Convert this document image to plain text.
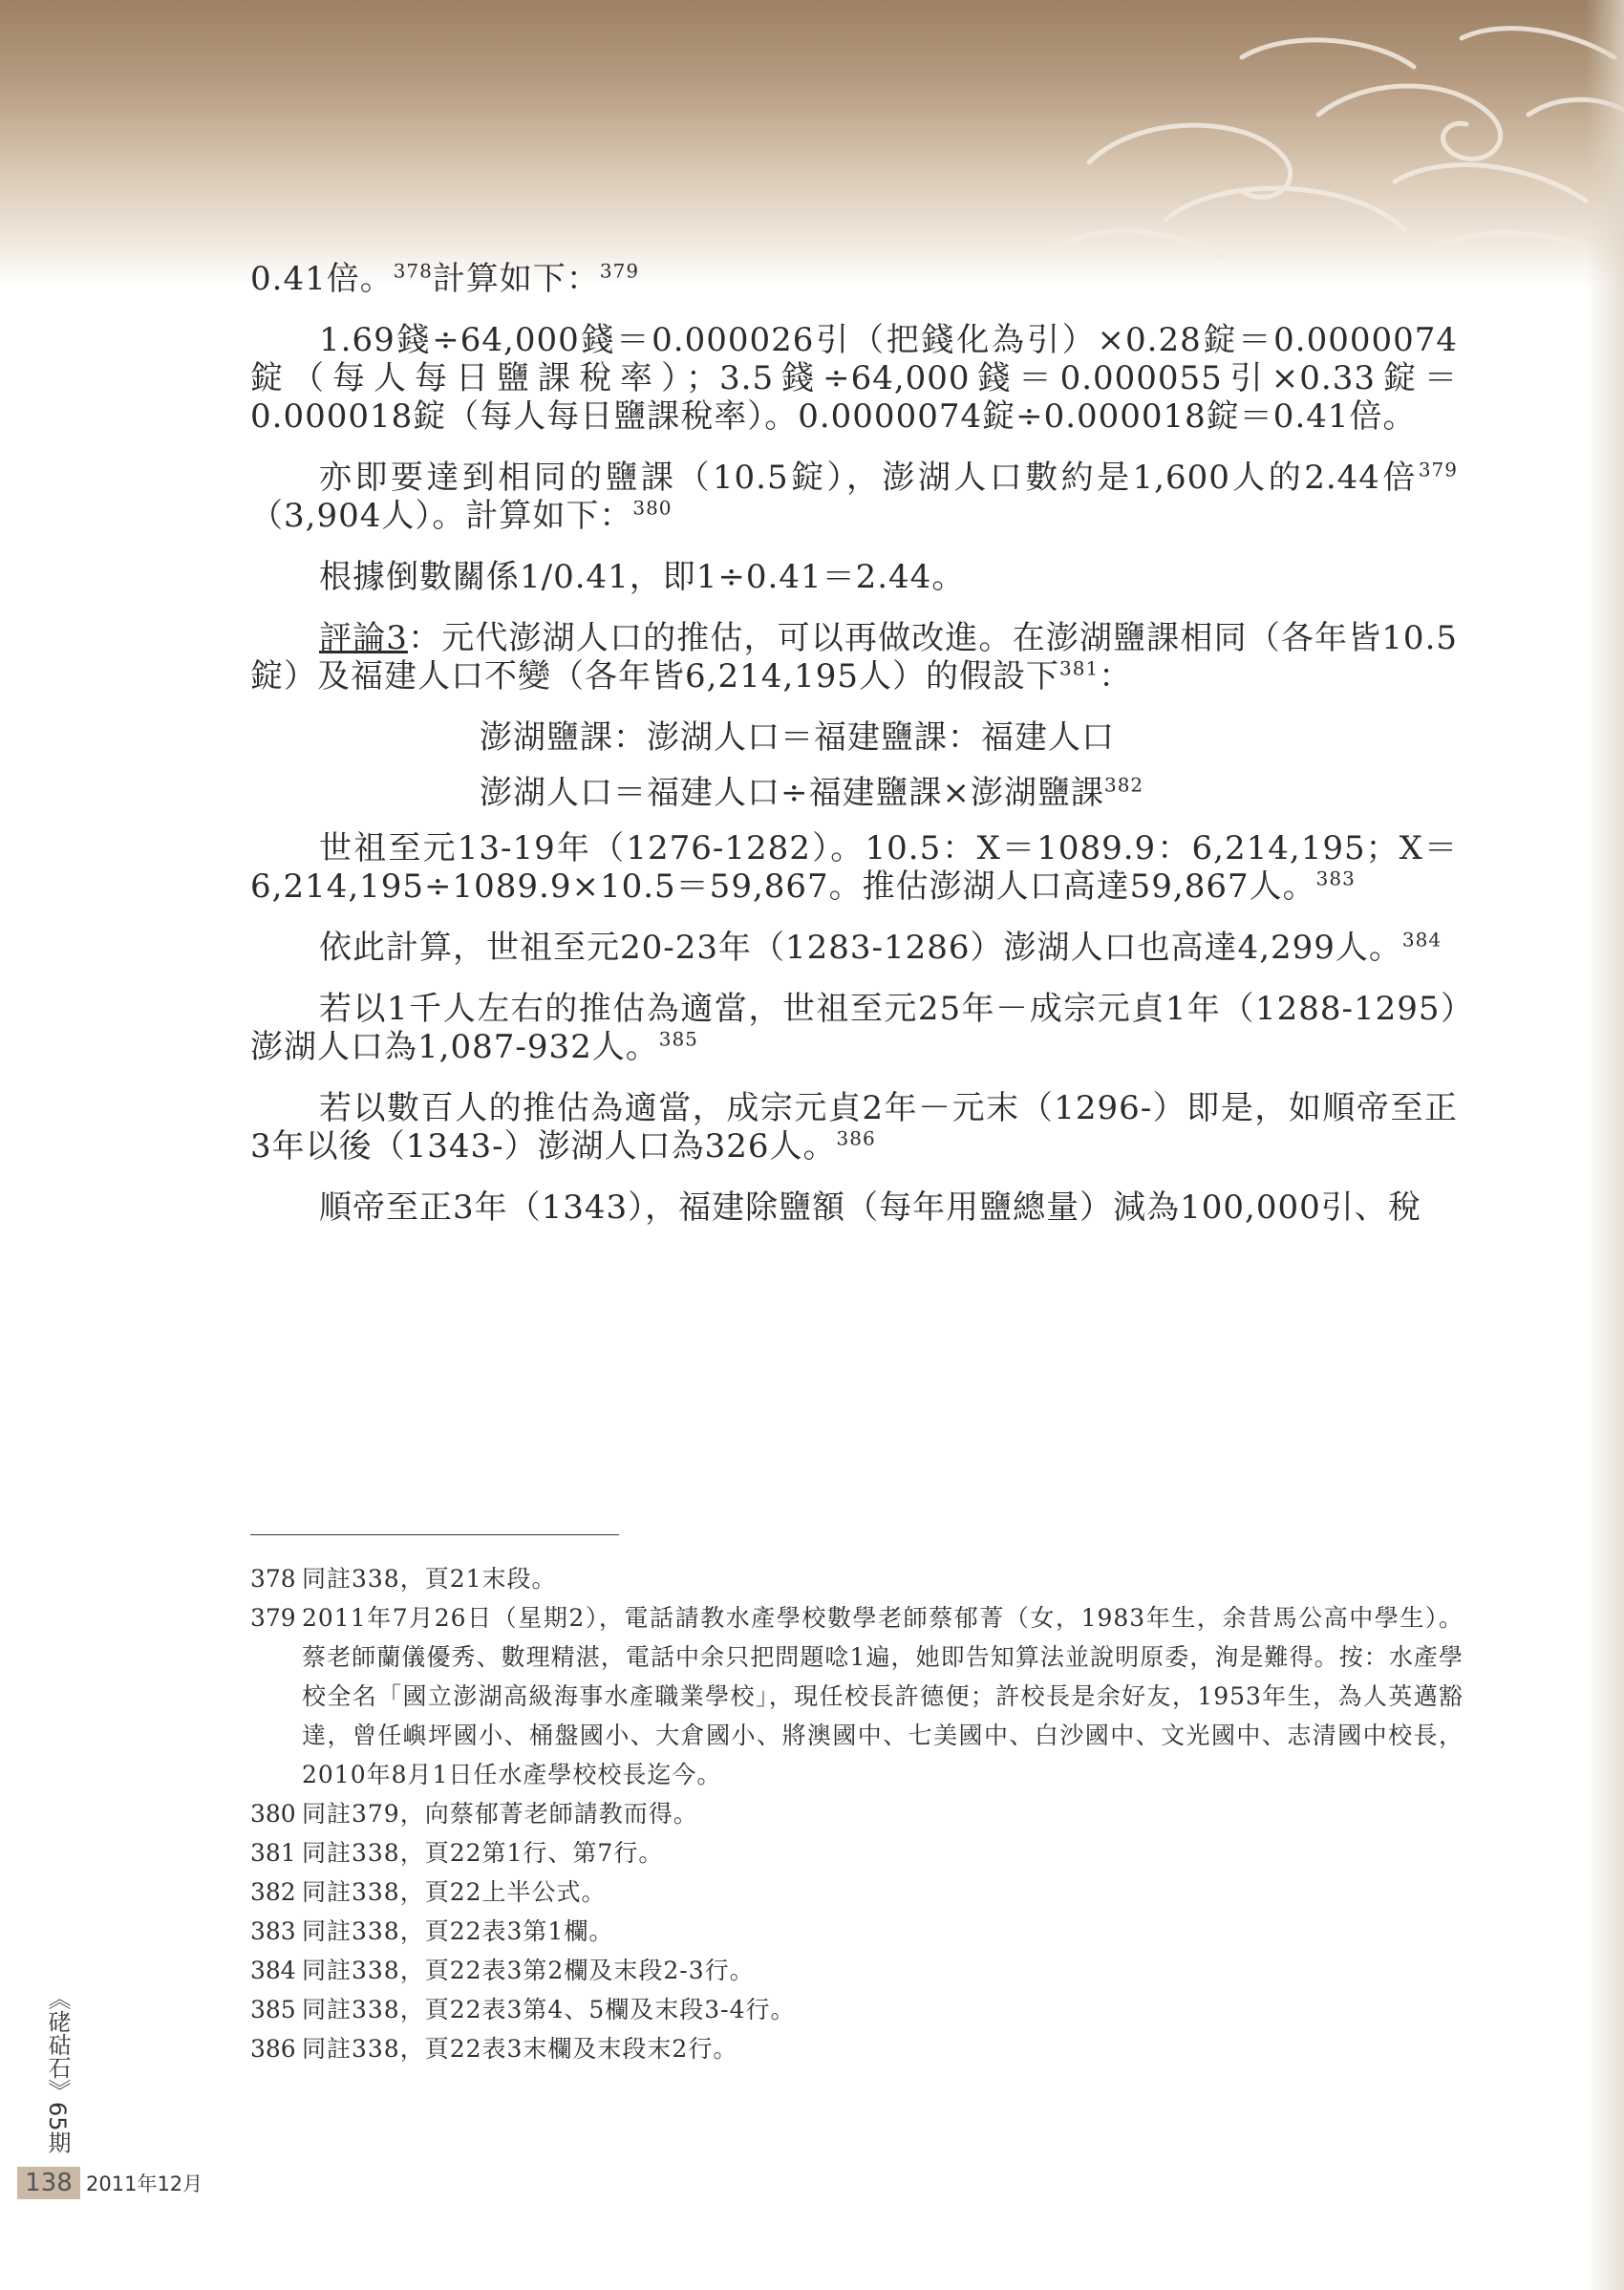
0.41倍。$^{378}$計算如下：$^{379}$

1.69錢÷64,000錢＝0.000026引（把錢化為引）×0.28錠＝0.0000074錠（每人每日鹽課稅率）；3.5錢÷64,000錢＝0.000055引×0.33錠＝0.000018錠（每人每日鹽課稅率）。0.0000074錠÷0.000018錠＝0.41倍。

亦即要達到相同的鹽課（10.5錠），澎湖人口數約是1,600人的2.44倍$^{379}$（3,904人）。計算如下：$^{380}$

根據倒數關係1/0.41，即1÷0.41＝2.44。

評論3：元代澎湖人口的推估，可以再做改進。在澎湖鹽課相同（各年皆10.5錠）及福建人口不變（各年皆6,214,195人）的假設下$^{381}$：

澎湖鹽課：澎湖人口＝福建鹽課：福建人口

澎湖人口＝福建人口÷福建鹽課×澎湖鹽課$^{382}$

世祖至元13-19年（1276-1282）。10.5：X＝1089.9：6,214,195；X＝6,214,195÷1089.9×10.5＝59,867。推估澎湖人口高達59,867人。$^{383}$

依此計算，世祖至元20-23年（1283-1286）澎湖人口也高達4,299人。$^{384}$

若以1千人左右的推估為適當，世祖至元25年－成宗元貞1年（1288-1295）澎湖人口為1,087-932人。$^{385}$

若以數百人的推估為適當，成宗元貞2年－元末（1296-）即是，如順帝至正3年以後（1343-）澎湖人口為326人。$^{386}$

順帝至正3年（1343），福建除鹽額（每年用鹽總量）減為100,000引、稅

378 同註338，頁21末段。
379 2011年7月26日（星期2），電話請教水產學校數學老師蔡郁菁（女，1983年生，余昔馬公高中學生）。蔡老師蘭儀優秀、數理精湛，電話中余只把問題唸1遍，她即告知算法並說明原委，洵是難得。按：水產學校全名「國立澎湖高級海事水產職業學校」，現任校長許德便；許校長是余好友，1953年生，為人英邁豁達，曾任嶼坪國小、桶盤國小、大倉國小、將澳國中、七美國中、白沙國中、文光國中、志清國中校長，2010年8月1日任水產學校校長迄今。
380 同註379，向蔡郁菁老師請教而得。
381 同註338，頁22第1行、第7行。
382 同註338，頁22上半公式。
383 同註338，頁22表3第1欄。
384 同註338，頁22表3第2欄及末段2-3行。
385 同註338，頁22表3第4、5欄及末段3-4行。
386 同註338，頁22表3末欄及末段末2行。
《硓𥑮石》65期
138 2011年12月
